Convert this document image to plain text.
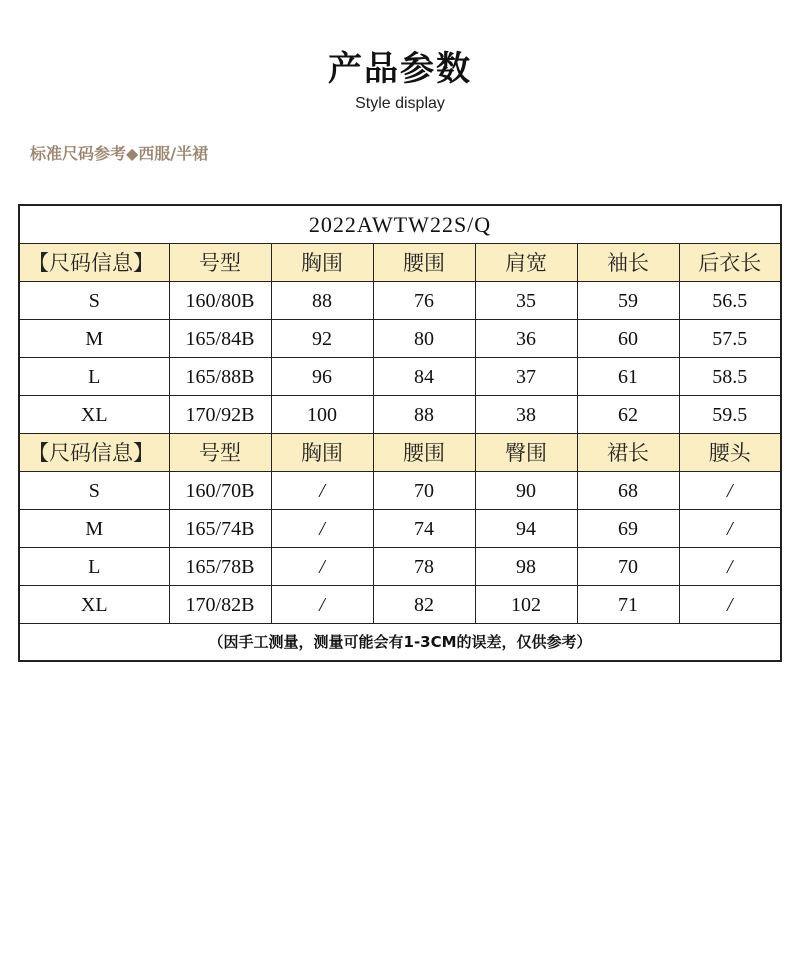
产品参数
Style display
标准尺码参考◆西服/半裙
2022AWTW22S/Q						
【尺码信息】	号型	胸围	腰围	肩宽	袖长	后衣长
S	160/80B	88	76	35	59	56.5
M	165/84B	92	80	36	60	57.5
L	165/88B	96	84	37	61	58.5
XL	170/92B	100	88	38	62	59.5
【尺码信息】	号型	胸围	腰围	臀围	裙长	腰头
S	160/70B	/	70	90	68	/
M	165/74B	/	74	94	69	/
L	165/78B	/	78	98	70	/
XL	170/82B	/	82	102	71	/
（因手工测量，测量可能会有1-3CM的误差，仅供参考）						
